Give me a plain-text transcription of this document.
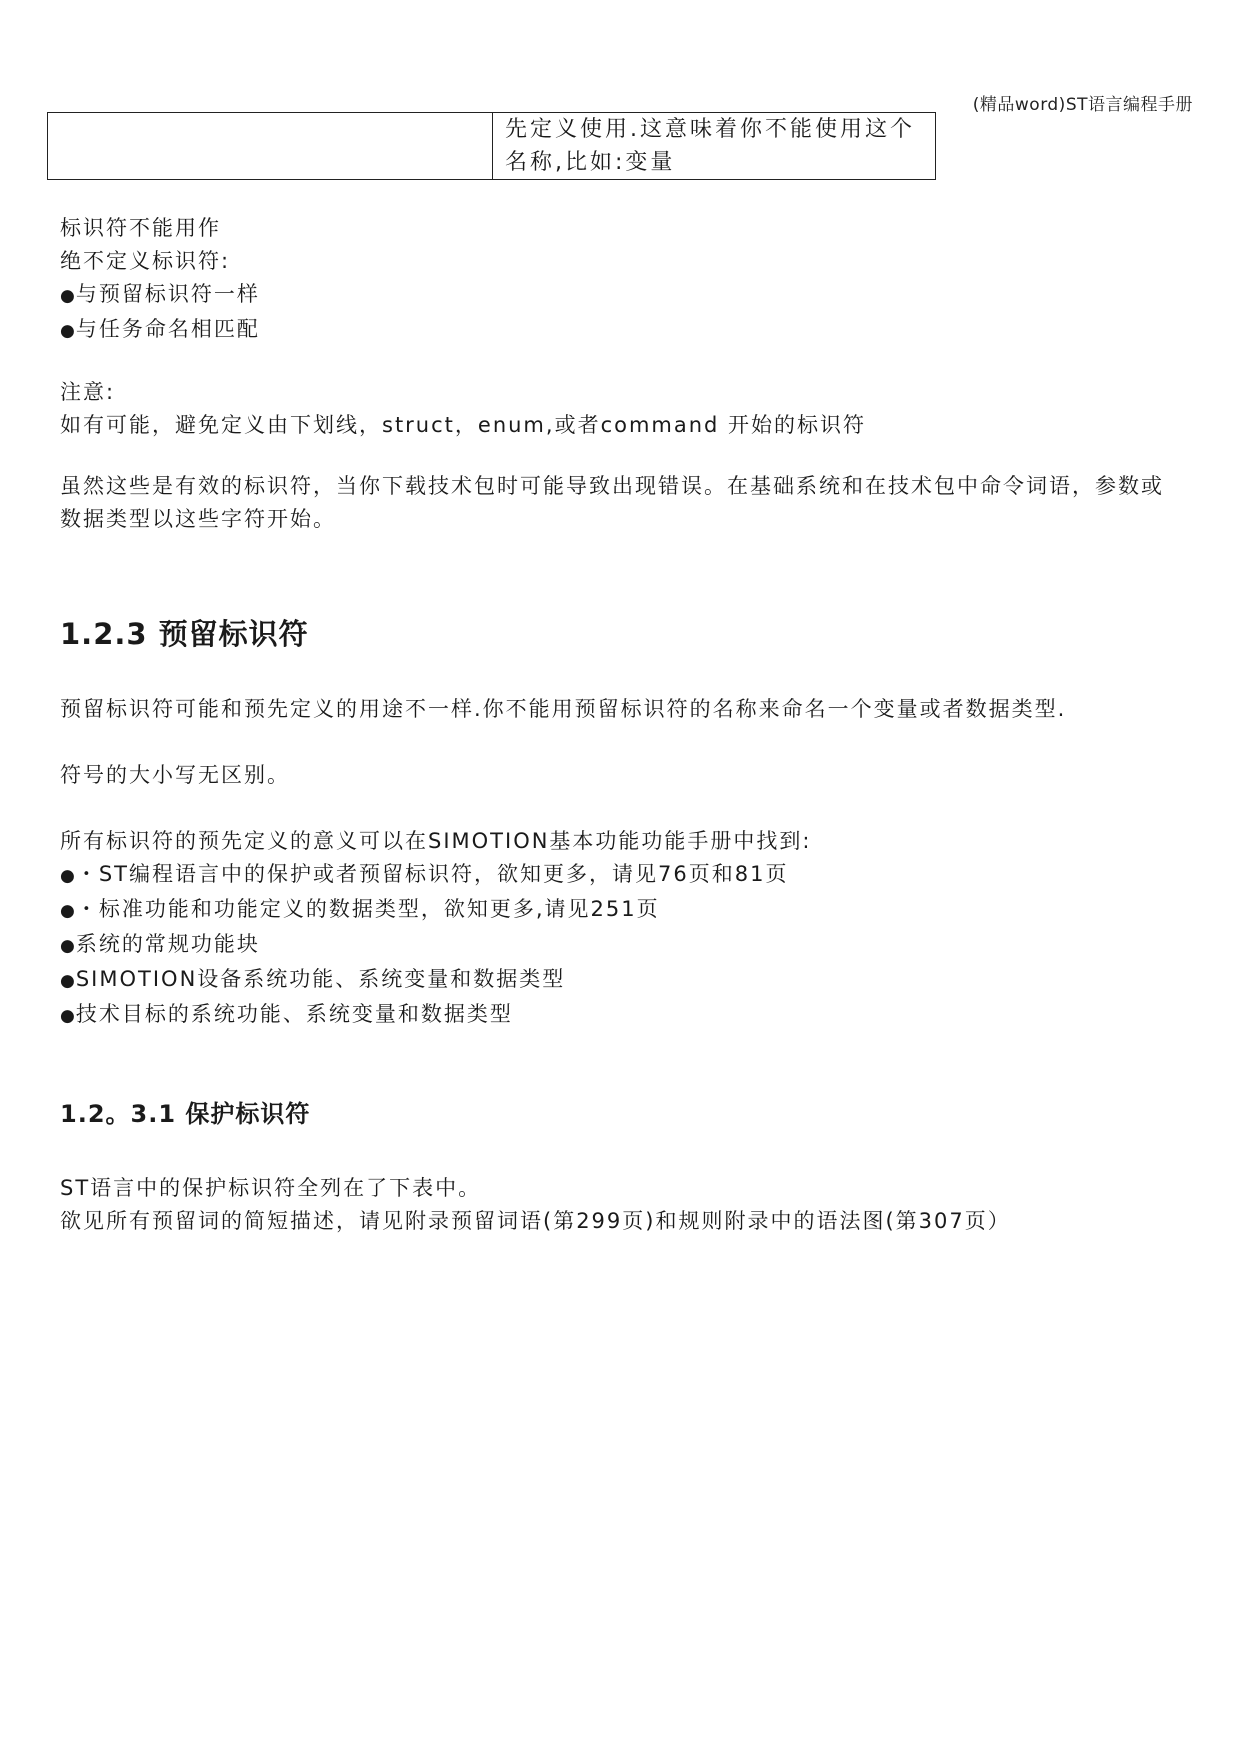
(精品word)ST语言编程手册

先定义使用.这意味着你不能使用这个
名称,比如:变量
标识符不能用作
绝不定义标识符:
●与预留标识符一样
●与任务命名相匹配
注意:
如有可能，避免定义由下划线，struct，enum,或者command 开始的标识符
虽然这些是有效的标识符，当你下载技术包时可能导致出现错误。在基础系统和在技术包中命令词语，参数或数据类型以这些字符开始。
1.2.3 预留标识符
预留标识符可能和预先定义的用途不一样.你不能用预留标识符的名称来命名一个变量或者数据类型.
符号的大小写无区别。
所有标识符的预先定义的意义可以在SIMOTION基本功能功能手册中找到:
●・ST编程语言中的保护或者预留标识符，欲知更多，请见76页和81页
●・标准功能和功能定义的数据类型，欲知更多,请见251页
●系统的常规功能块
●SIMOTION设备系统功能、系统变量和数据类型
●技术目标的系统功能、系统变量和数据类型
1.2。3.1 保护标识符
ST语言中的保护标识符全列在了下表中。
欲见所有预留词的简短描述，请见附录预留词语(第299页)和规则附录中的语法图(第307页）
